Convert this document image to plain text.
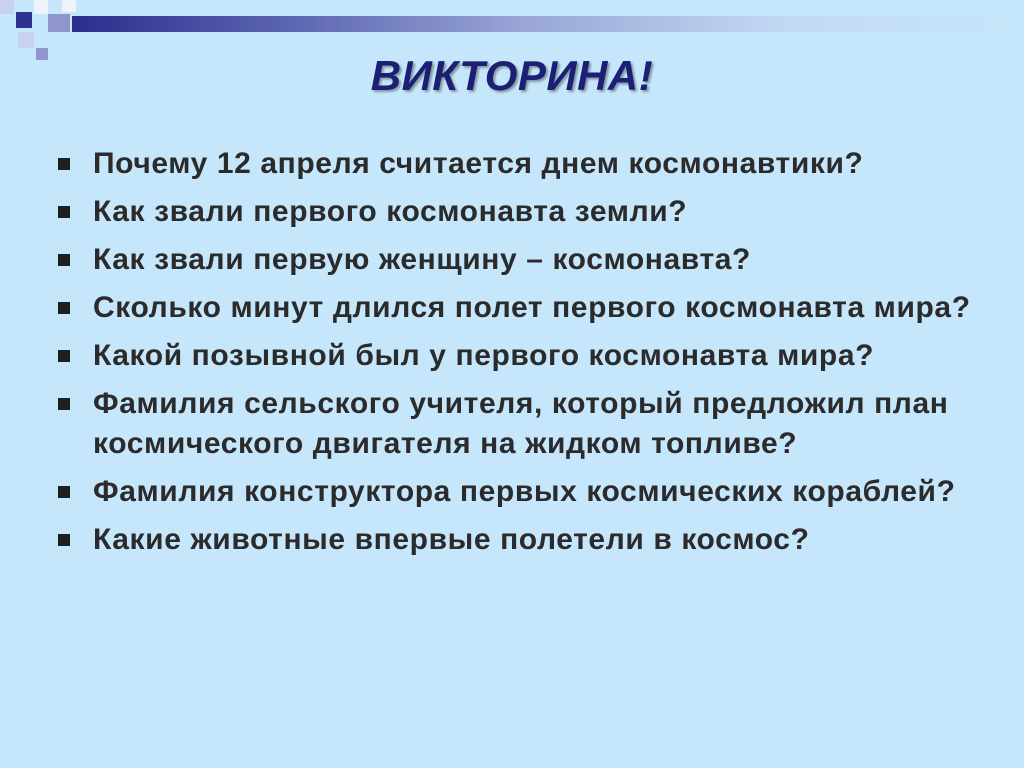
ВИКТОРИНА!
Почему 12 апреля считается днем космонавтики?
Как звали первого космонавта земли?
Как звали первую женщину – космонавта?
Сколько минут длился полет первого космонавта мира?
Какой позывной был у первого космонавта мира?
Фамилия сельского учителя, который предложил план космического двигателя на жидком топливе?
Фамилия конструктора первых космических кораблей?
Какие животные впервые полетели в космос?
